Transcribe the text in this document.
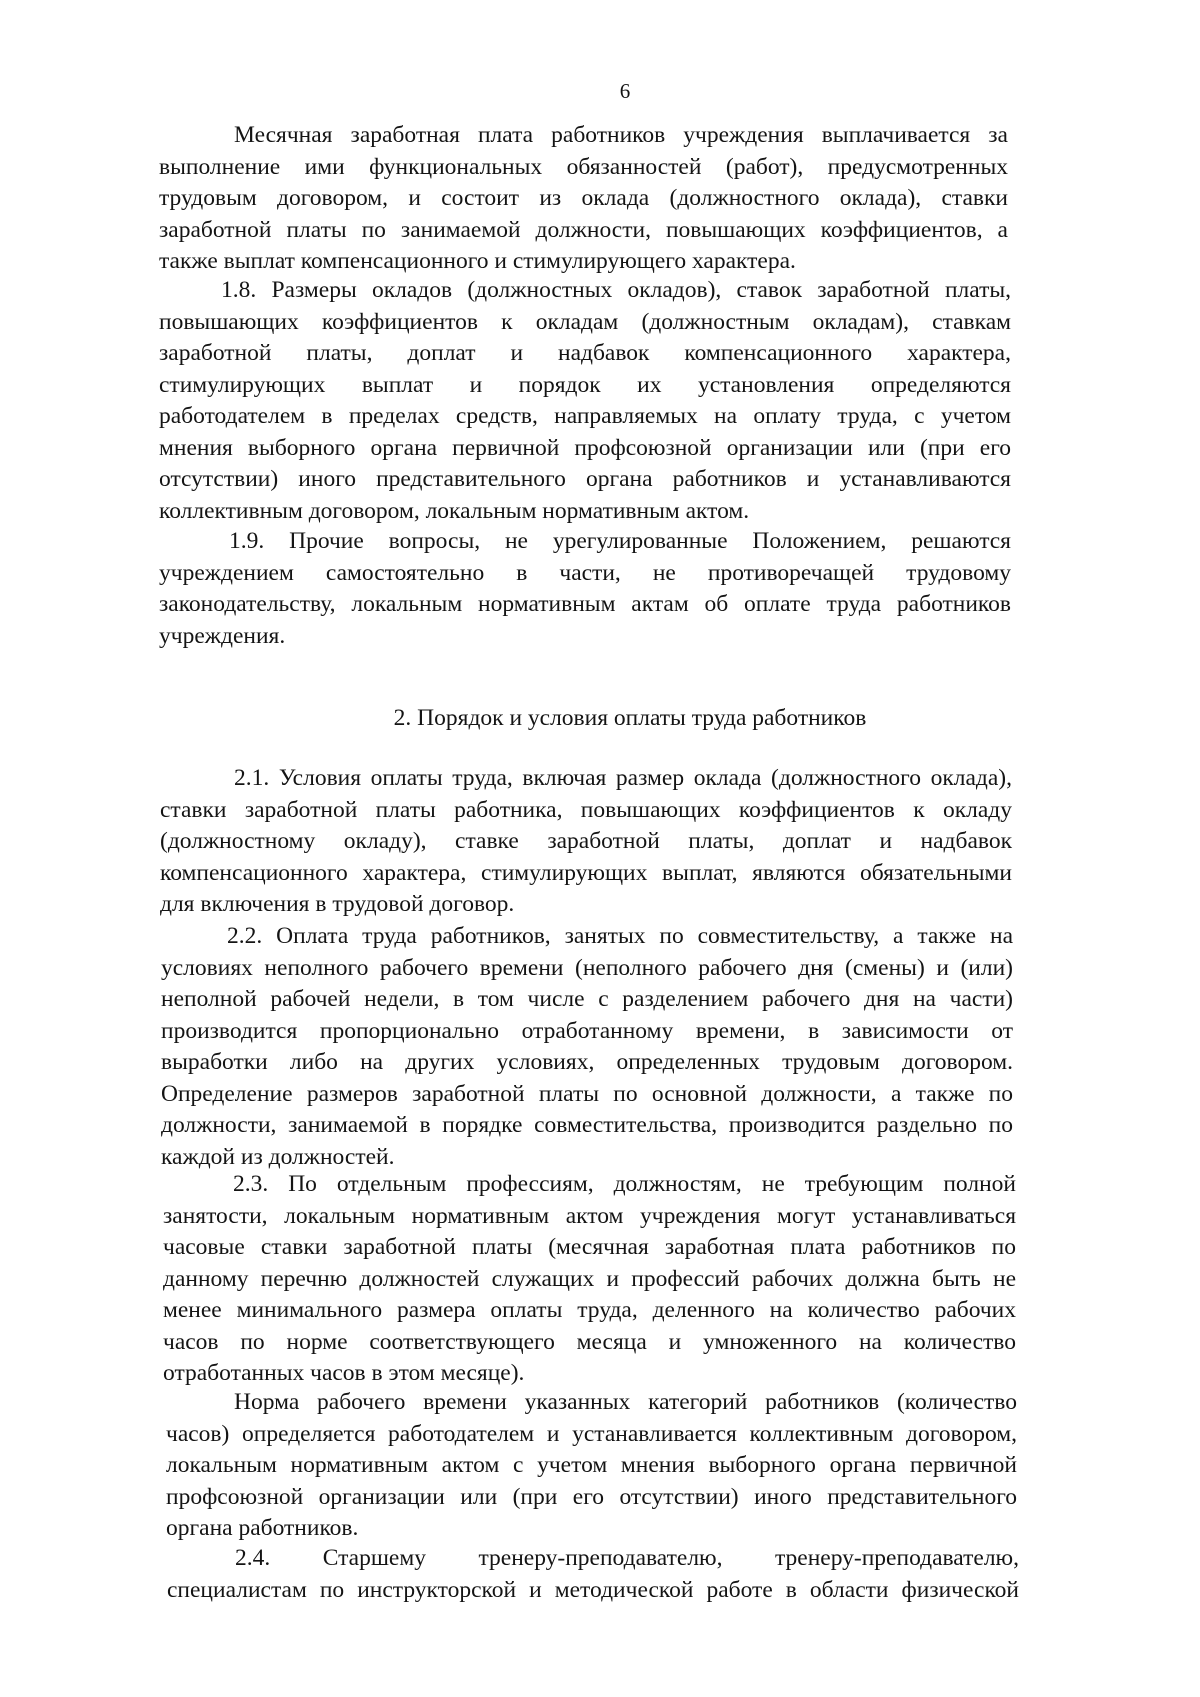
6
Месячная заработная плата работников учреждения выплачивается за
выполнение ими функциональных обязанностей (работ), предусмотренных
трудовым договором, и состоит из оклада (должностного оклада), ставки
заработной платы по занимаемой должности, повышающих коэффициентов, а
также выплат компенсационного и стимулирующего характера.
1.8. Размеры окладов (должностных окладов), ставок заработной платы,
повышающих коэффициентов к окладам (должностным окладам), ставкам
заработной платы, доплат и надбавок компенсационного характера,
стимулирующих выплат и порядок их установления определяются
работодателем в пределах средств, направляемых на оплату труда, с учетом
мнения выборного органа первичной профсоюзной организации или (при его
отсутствии) иного представительного органа работников и устанавливаются
коллективным договором, локальным нормативным актом.
1.9. Прочие вопросы, не урегулированные Положением, решаются
учреждением самостоятельно в части, не противоречащей трудовому
законодательству, локальным нормативным актам об оплате труда работников
учреждения.
2. Порядок и условия оплаты труда работников
2.1. Условия оплаты труда, включая размер оклада (должностного оклада),
ставки заработной платы работника, повышающих коэффициентов к окладу
(должностному окладу), ставке заработной платы, доплат и надбавок
компенсационного характера, стимулирующих выплат, являются обязательными
для включения в трудовой договор.
2.2. Оплата труда работников, занятых по совместительству, а также на
условиях неполного рабочего времени (неполного рабочего дня (смены) и (или)
неполной рабочей недели, в том числе с разделением рабочего дня на части)
производится пропорционально отработанному времени, в зависимости от
выработки либо на других условиях, определенных трудовым договором.
Определение размеров заработной платы по основной должности, а также по
должности, занимаемой в порядке совместительства, производится раздельно по
каждой из должностей.
2.3. По отдельным профессиям, должностям, не требующим полной
занятости, локальным нормативным актом учреждения могут устанавливаться
часовые ставки заработной платы (месячная заработная плата работников по
данному перечню должностей служащих и профессий рабочих должна быть не
менее минимального размера оплаты труда, деленного на количество рабочих
часов по норме соответствующего месяца и умноженного на количество
отработанных часов в этом месяце).
Норма рабочего времени указанных категорий работников (количество
часов) определяется работодателем и устанавливается коллективным договором,
локальным нормативным актом с учетом мнения выборного органа первичной
профсоюзной организации или (при его отсутствии) иного представительного
органа работников.
2.4. Старшему тренеру-преподавателю, тренеру-преподавателю,
специалистам по инструкторской и методической работе в области физической
